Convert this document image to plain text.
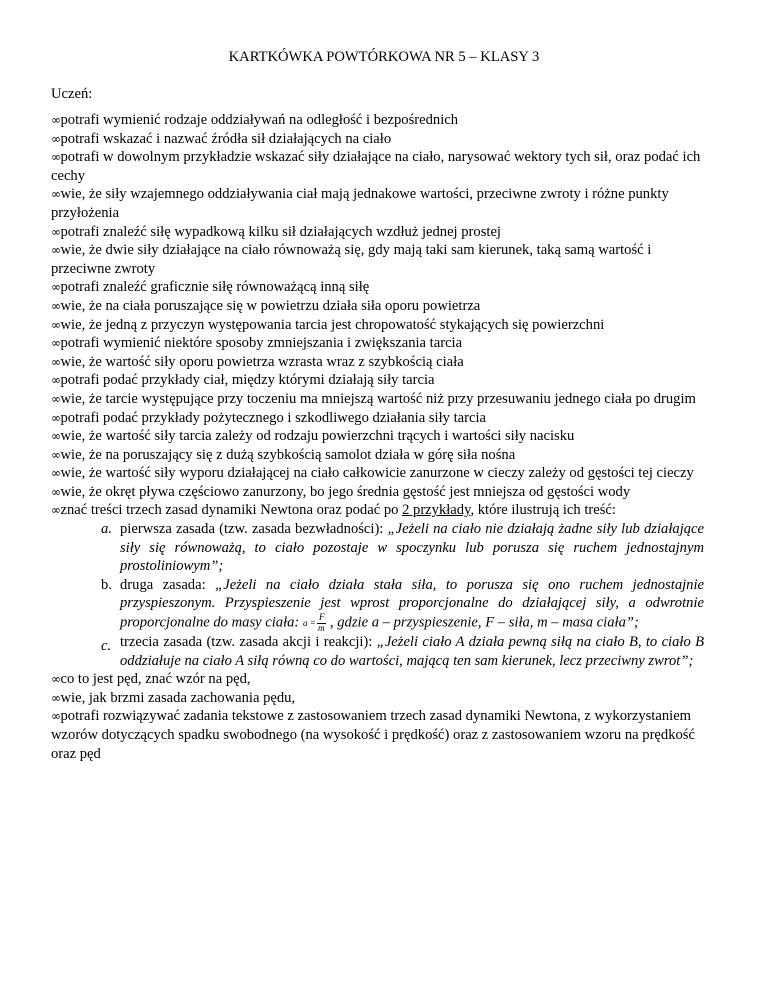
KARTKÓWKA POWTÓRKOWA NR 5 – KLASY 3
Uczeń:
∞potrafi wymienić rodzaje oddziaływań na odległość i bezpośrednich
∞potrafi wskazać i nazwać źródła sił działających na ciało
∞potrafi w dowolnym przykładzie wskazać siły działające na ciało, narysować wektory tych sił, oraz podać ich cechy
∞wie, że siły wzajemnego oddziaływania ciał mają jednakowe wartości, przeciwne zwroty i różne punkty przyłożenia
∞potrafi znaleźć siłę wypadkową kilku sił działających wzdłuż jednej prostej
∞wie, że dwie siły działające na ciało równoważą się, gdy mają taki sam kierunek, taką samą wartość i przeciwne zwroty
∞potrafi znaleźć graficznie siłę równoważącą inną siłę
∞wie, że na ciała poruszające się w powietrzu działa siła oporu powietrza
∞wie, że jedną z przyczyn występowania tarcia jest chropowatość stykających się powierzchni
∞potrafi wymienić niektóre sposoby zmniejszania i zwiększania tarcia
∞wie, że wartość siły oporu powietrza wzrasta wraz z szybkością ciała
∞potrafi podać przykłady ciał, między którymi działają siły tarcia
∞wie, że tarcie występujące przy toczeniu ma mniejszą wartość niż przy przesuwaniu jednego ciała po drugim
∞potrafi podać przykłady pożytecznego i szkodliwego działania siły tarcia
∞wie, że wartość siły tarcia zależy od rodzaju powierzchni trących i wartości siły nacisku
∞wie, że na poruszający się z dużą szybkością samolot działa w górę siła nośna
∞wie, że wartość siły wyporu działającej na ciało całkowicie zanurzone w cieczy zależy od gęstości tej cieczy
∞wie, że okręt pływa częściowo zanurzony, bo jego średnia gęstość jest mniejsza od gęstości wody
∞znać treści trzech zasad dynamiki Newtona oraz podać po 2 przykłady, które ilustrują ich treść:
a. pierwsza zasada (tzw. zasada bezwładności): „Jeżeli na ciało nie działają żadne siły lub działające siły się równoważą, to ciało pozostaje w spoczynku lub porusza się ruchem jednostajnym prostoliniowym”;
b. druga zasada: „Jeżeli na ciało działa stała siła, to porusza się ono ruchem jednostajnie przyspieszonym. Przyspieszenie jest wprost proporcjonalne do działającej siły, a odwrotnie proporcjonalne do masy ciała: a =
F
m , gdzie a – przyspieszenie, F – siła, m – masa ciała”;
c. trzecia zasada (tzw. zasada akcji i reakcji): „Jeżeli ciało A działa pewną siłą na ciało B, to ciało B oddziałuje na ciało A siłą równą co do wartości, mającą ten sam kierunek, lecz przeciwny zwrot”;
∞co to jest pęd, znać wzór na pęd,
∞wie, jak brzmi zasada zachowania pędu,
∞potrafi rozwiązywać zadania tekstowe z zastosowaniem trzech zasad dynamiki Newtona, z wykorzystaniem wzorów dotyczących spadku swobodnego (na wysokość i prędkość) oraz z zastosowaniem wzoru na prędkość oraz pęd
